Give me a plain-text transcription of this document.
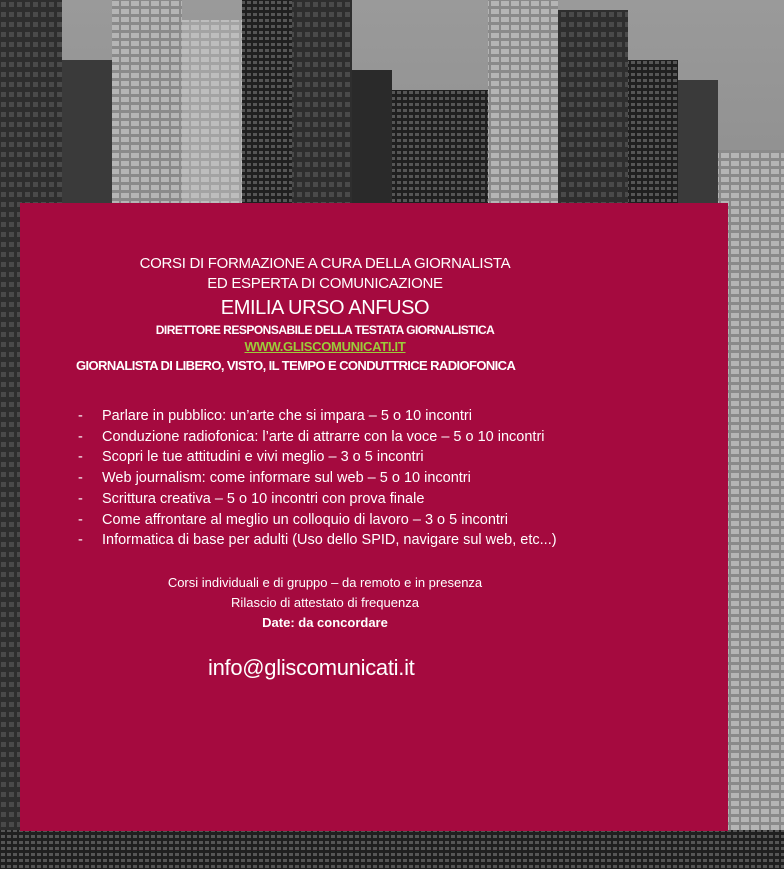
CORSI DI FORMAZIONE A CURA DELLA GIORNALISTA
ED ESPERTA DI COMUNICAZIONE
EMILIA URSO ANFUSO
DIRETTORE RESPONSABILE DELLA TESTATA GIORNALISTICA
WWW.GLISCOMUNICATI.IT
GIORNALISTA DI LIBERO, VISTO, IL TEMPO E CONDUTTRICE RADIOFONICA
- Parlare in pubblico: un’arte che si impara – 5 o 10 incontri
- Conduzione radiofonica: l’arte di attrarre con la voce – 5 o 10 incontri
- Scopri le tue attitudini e vivi meglio – 3 o 5 incontri
- Web journalism: come informare sul web – 5 o 10 incontri
- Scrittura creativa – 5 o 10 incontri con prova finale
- Come affrontare al meglio un colloquio di lavoro – 3 o 5 incontri
- Informatica di base per adulti (Uso dello SPID, navigare sul web, etc...)
Corsi individuali e di gruppo – da remoto e in presenza
Rilascio di attestato di frequenza
Date: da concordare
info@gliscomunicati.it
